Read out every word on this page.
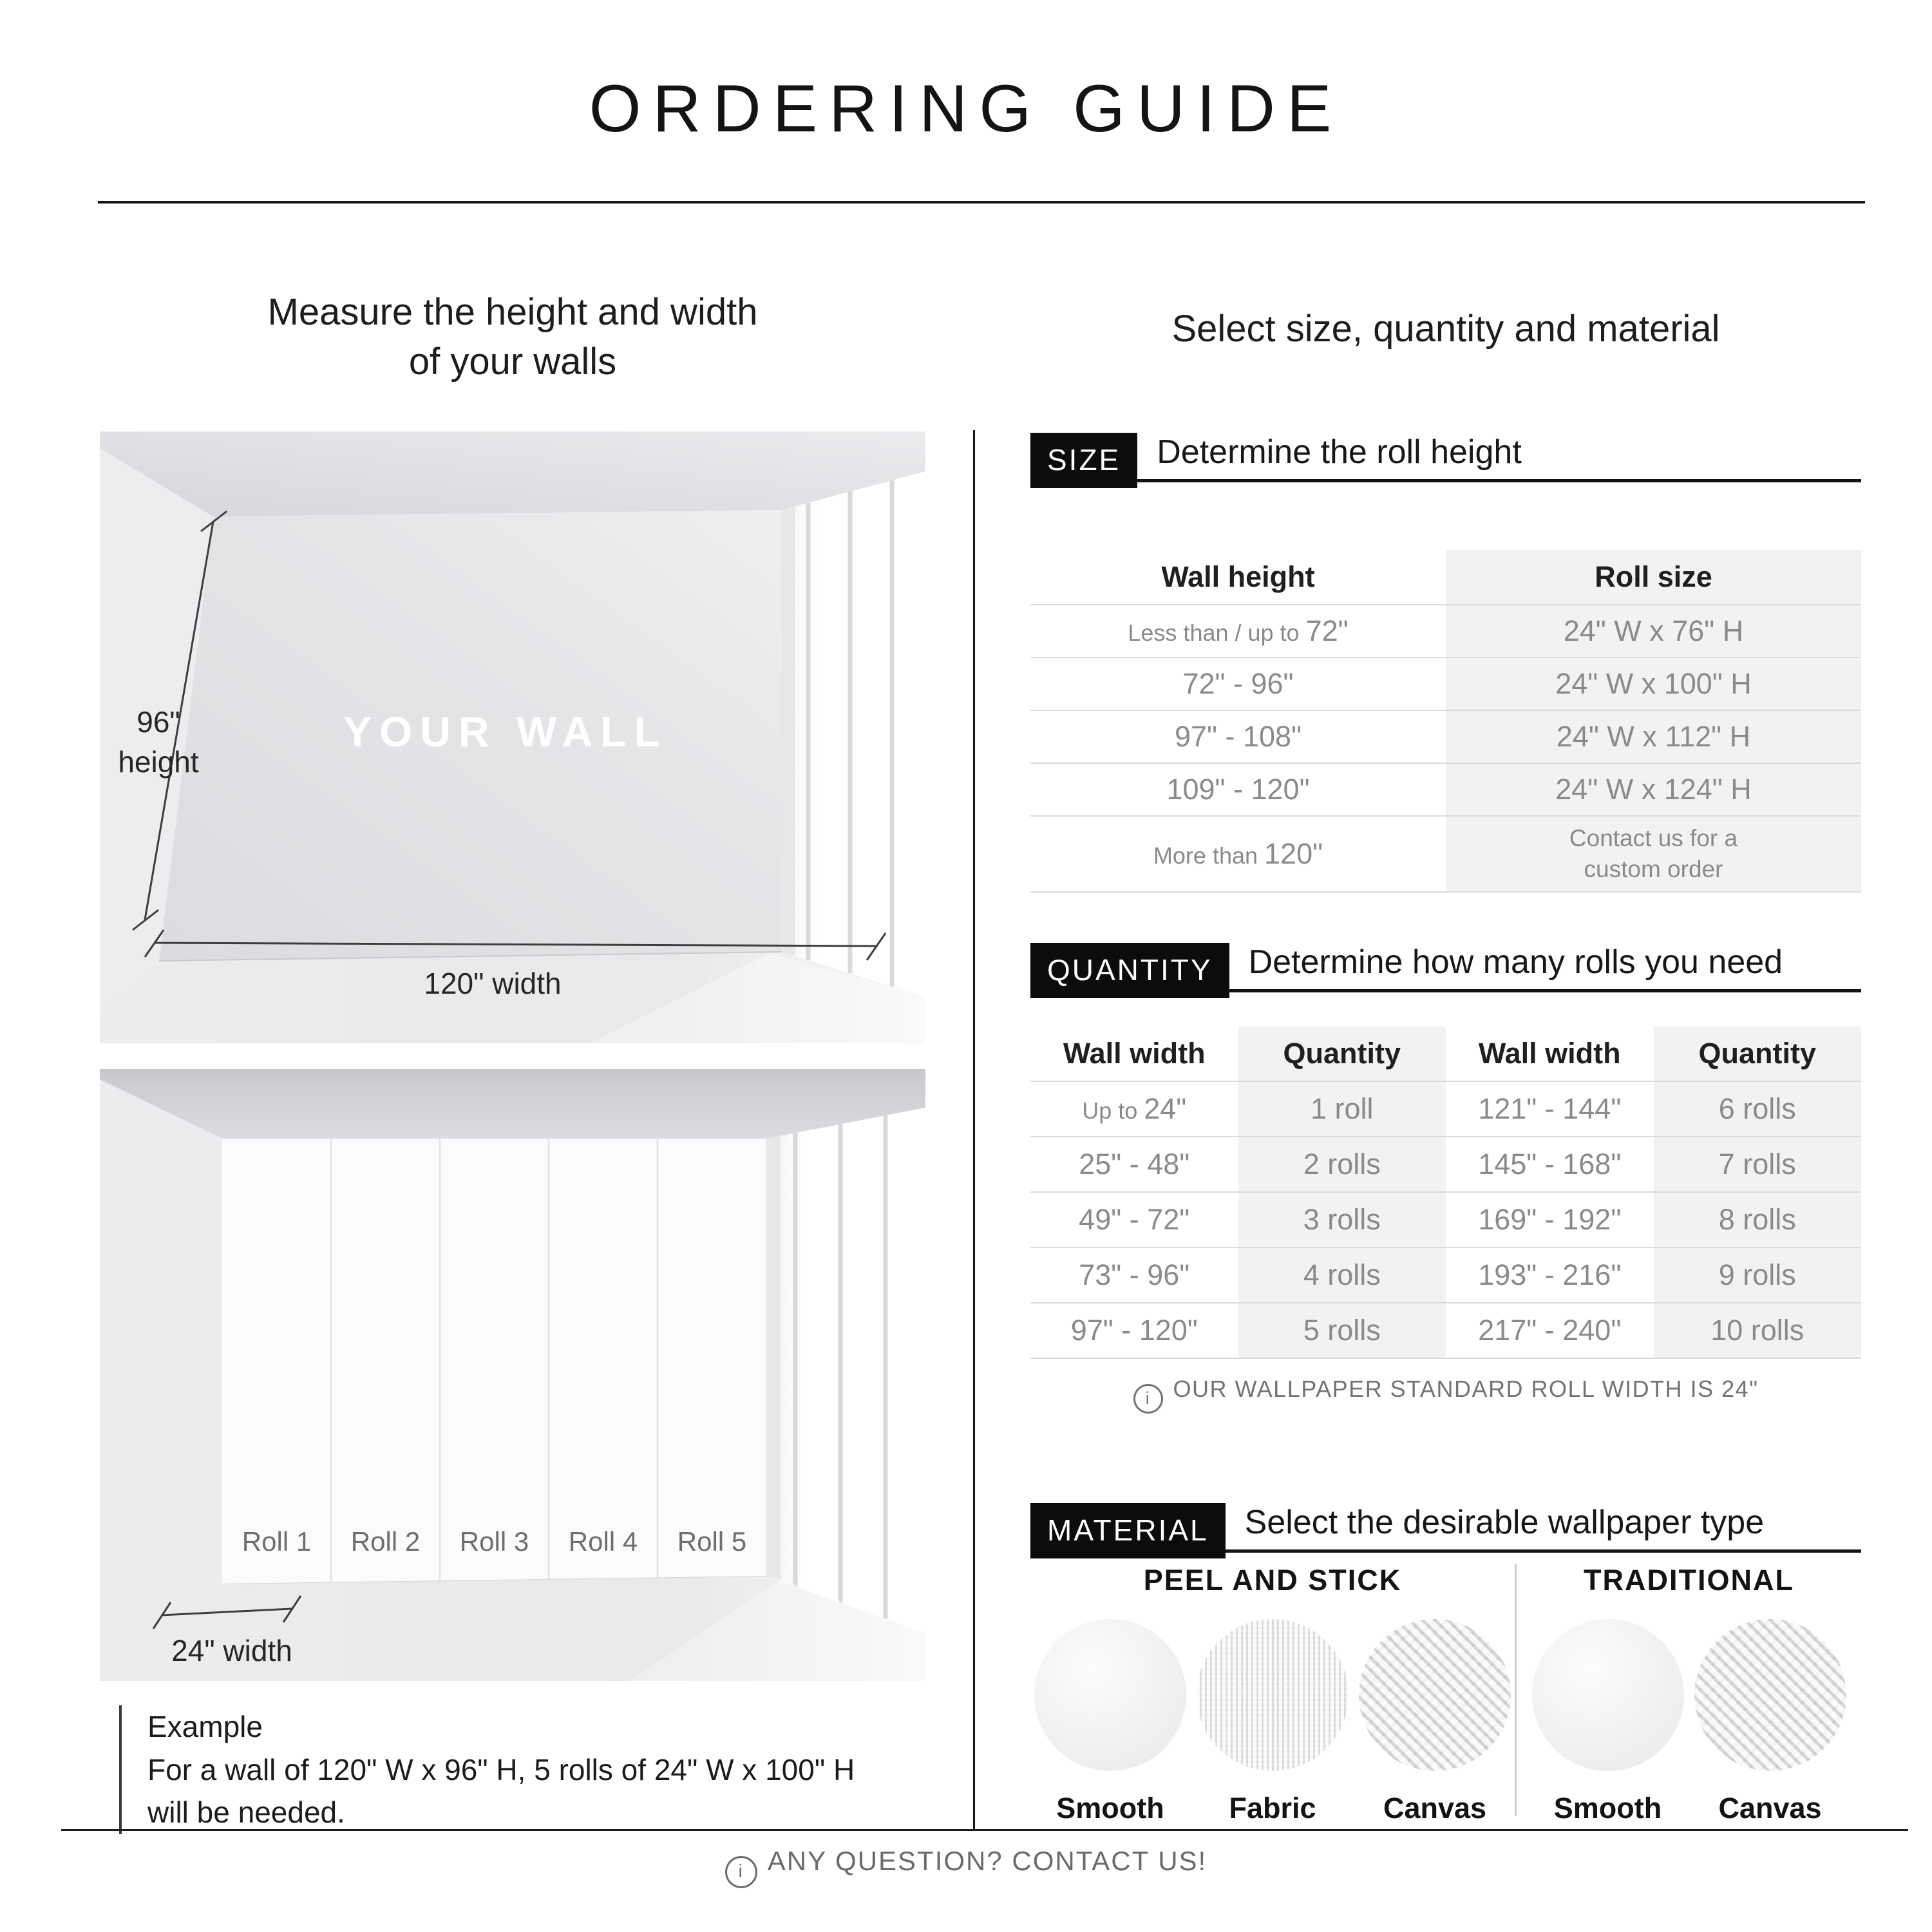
ORDERING GUIDE
Measure the height and width
of your walls
Select size, quantity and material
96"
height
YOUR WALL
120" width
Roll 1	Roll 2	Roll 3	Roll 4	Roll 5
24" width
Example
For a wall of 120" W x 96" H, 5 rolls of 24" W x 100" H
will be needed.
SIZE	Determine the roll height
Wall height	Roll size
Less than / up to 72"	24" W x 76" H
72" - 96"	24" W x 100" H
97" - 108"	24" W x 112" H
109" - 120"	24" W x 124" H
More than 120"	Contact us for a
custom order
QUANTITY	Determine how many rolls you need
Wall width	Quantity	Wall width	Quantity
Up to 24"	1 roll	121" - 144"	6 rolls
25" - 48"	2 rolls	145" - 168"	7 rolls
49" - 72"	3 rolls	169" - 192"	8 rolls
73" - 96"	4 rolls	193" - 216"	9 rolls
97" - 120"	5 rolls	217" - 240"	10 rolls
i OUR WALLPAPER STANDARD ROLL WIDTH IS 24"
MATERIAL	Select the desirable wallpaper type
PEEL AND STICK
Smooth Fabric Canvas
TRADITIONAL
Smooth Canvas
i ANY QUESTION? CONTACT US!
